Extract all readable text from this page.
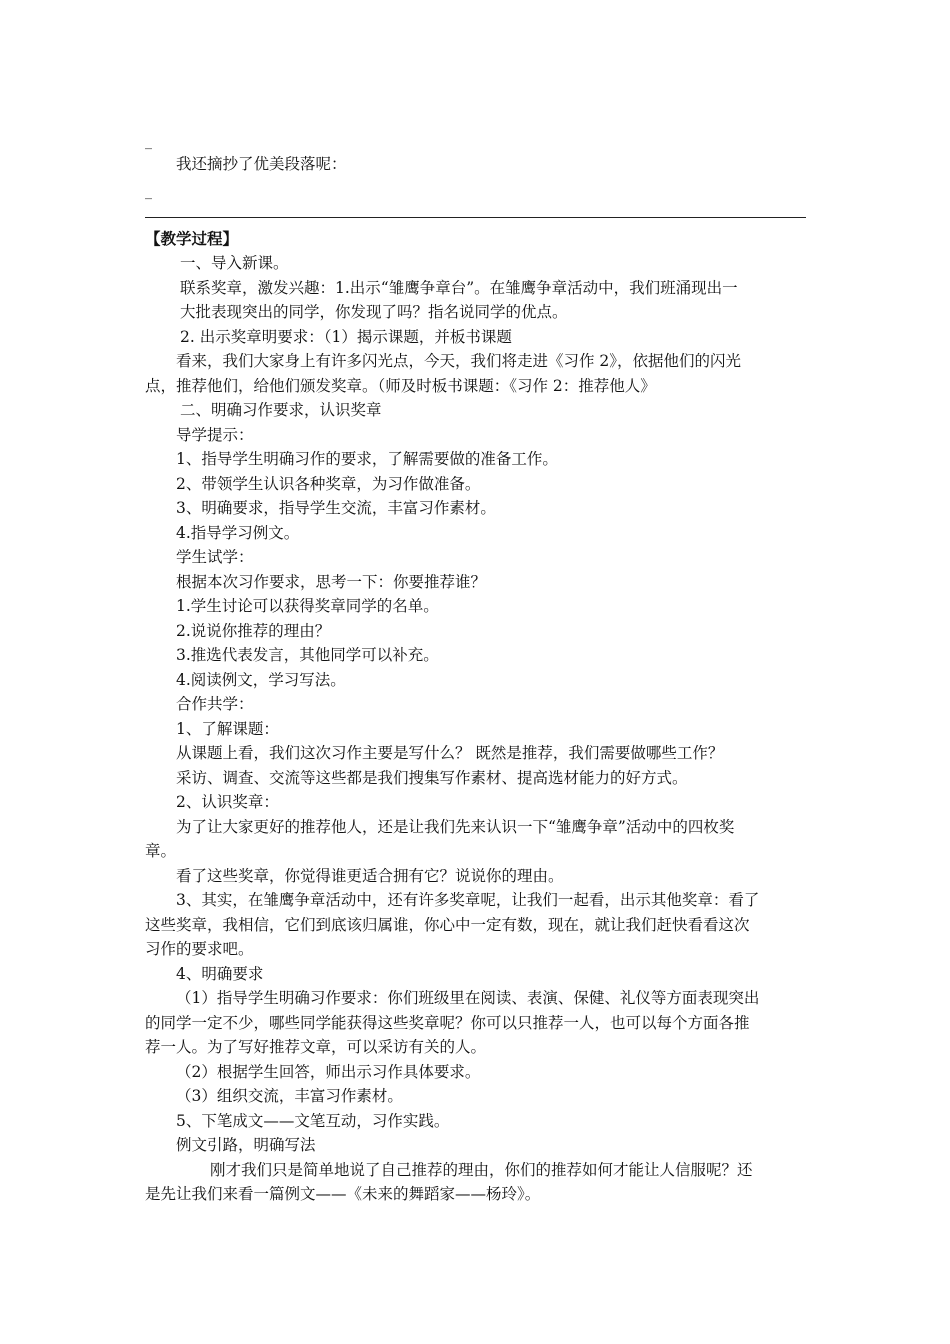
_
我还摘抄了优美段落呢：
_
【教学过程】
一、导入新课。
联系奖章，激发兴趣：1.出示“雏鹰争章台”。在雏鹰争章活动中，我们班涌现出一
大批表现突出的同学，你发现了吗？指名说同学的优点。
2. 出示奖章明要求：（1）揭示课题，并板书课题
看来，我们大家身上有许多闪光点，今天，我们将走进《习作 2》，依据他们的闪光
点，推荐他们，给他们颁发奖章。（师及时板书课题：《习作 2：推荐他人》
二、明确习作要求，认识奖章
导学提示：
1、指导学生明确习作的要求，了解需要做的准备工作。
2、带领学生认识各种奖章，为习作做准备。
3、明确要求，指导学生交流，丰富习作素材。
4.指导学习例文。
学生试学：
根据本次习作要求，思考一下：你要推荐谁？
1.学生讨论可以获得奖章同学的名单。
2.说说你推荐的理由？
3.推选代表发言，其他同学可以补充。
4.阅读例文，学习写法。
合作共学：
1、了解课题：
从课题上看，我们这次习作主要是写什么？ 既然是推荐，我们需要做哪些工作？
采访、调查、交流等这些都是我们搜集写作素材、提高选材能力的好方式。
2、认识奖章：
为了让大家更好的推荐他人，还是让我们先来认识一下“雏鹰争章”活动中的四枚奖
章。
看了这些奖章，你觉得谁更适合拥有它？说说你的理由。
3、其实，在雏鹰争章活动中，还有许多奖章呢，让我们一起看，出示其他奖章：看了
这些奖章，我相信，它们到底该归属谁，你心中一定有数，现在，就让我们赶快看看这次
习作的要求吧。
4、明确要求
（1）指导学生明确习作要求：你们班级里在阅读、表演、保健、礼仪等方面表现突出
的同学一定不少，哪些同学能获得这些奖章呢？你可以只推荐一人，也可以每个方面各推
荐一人。为了写好推荐文章，可以采访有关的人。
（2）根据学生回答，师出示习作具体要求。
（3）组织交流，丰富习作素材。
5、下笔成文——文笔互动，习作实践。
例文引路，明确写法
刚才我们只是简单地说了自己推荐的理由，你们的推荐如何才能让人信服呢？还
是先让我们来看一篇例文——《未来的舞蹈家——杨玲》。
